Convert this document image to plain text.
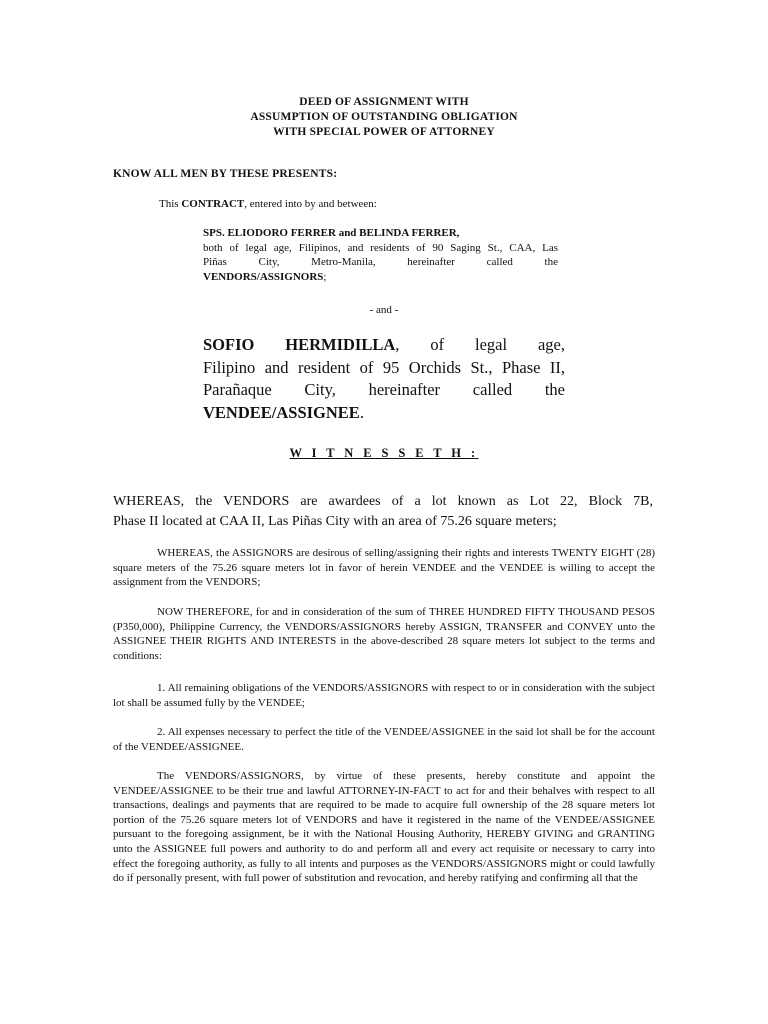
DEED OF ASSIGNMENT WITH
ASSUMPTION OF OUTSTANDING OBLIGATION
WITH SPECIAL POWER OF ATTORNEY
KNOW ALL MEN BY THESE PRESENTS:
This CONTRACT, entered into by and between:
SPS. ELIODORO FERRER and BELINDA FERRER,
both of legal age, Filipinos, and residents of 90 Saging St., CAA, Las
Piñas City, Metro-Manila, hereinafter called the
VENDORS/ASSIGNORS;
- and -
SOFIO HERMIDILLA, of legal age,
Filipino and resident of 95 Orchids St., Phase II,
Parañaque City, hereinafter called the
VENDEE/ASSIGNEE.
W I T N E S S E T H :
WHEREAS, the VENDORS are awardees of a lot known as Lot 22, Block 7B,
Phase II located at CAA II, Las Piñas City with an area of 75.26 square meters;
WHEREAS, the ASSIGNORS are desirous of selling/assigning their rights and interests TWENTY EIGHT (28) square meters of the 75.26 square meters lot in favor of herein VENDEE and the VENDEE is willing to accept the assignment from the VENDORS;
NOW THEREFORE, for and in consideration of the sum of THREE HUNDRED FIFTY THOUSAND PESOS (P350,000), Philippine Currency, the VENDORS/ASSIGNORS hereby ASSIGN, TRANSFER and CONVEY unto the ASSIGNEE THEIR RIGHTS AND INTERESTS in the above-described 28 square meters lot subject to the terms and conditions:
1. All remaining obligations of the VENDORS/ASSIGNORS with respect to or in consideration with the subject lot shall be assumed fully by the VENDEE;
2. All expenses necessary to perfect the title of the VENDEE/ASSIGNEE in the said lot shall be for the account of the VENDEE/ASSIGNEE.
The VENDORS/ASSIGNORS, by virtue of these presents, hereby constitute and appoint the VENDEE/ASSIGNEE to be their true and lawful ATTORNEY-IN-FACT to act for and their behalves with respect to all transactions, dealings and payments that are required to be made to acquire full ownership of the 28 square meters lot portion of the 75.26 square meters lot of VENDORS and have it registered in the name of the VENDEE/ASSIGNEE pursuant to the foregoing assignment, be it with the National Housing Authority, HEREBY GIVING and GRANTING unto the ASSIGNEE full powers and authority to do and perform all and every act requisite or necessary to carry into effect the foregoing authority, as fully to all intents and purposes as the VENDORS/ASSIGNORS might or could lawfully do if personally present, with full power of substitution and revocation, and hereby ratifying and confirming all that the
